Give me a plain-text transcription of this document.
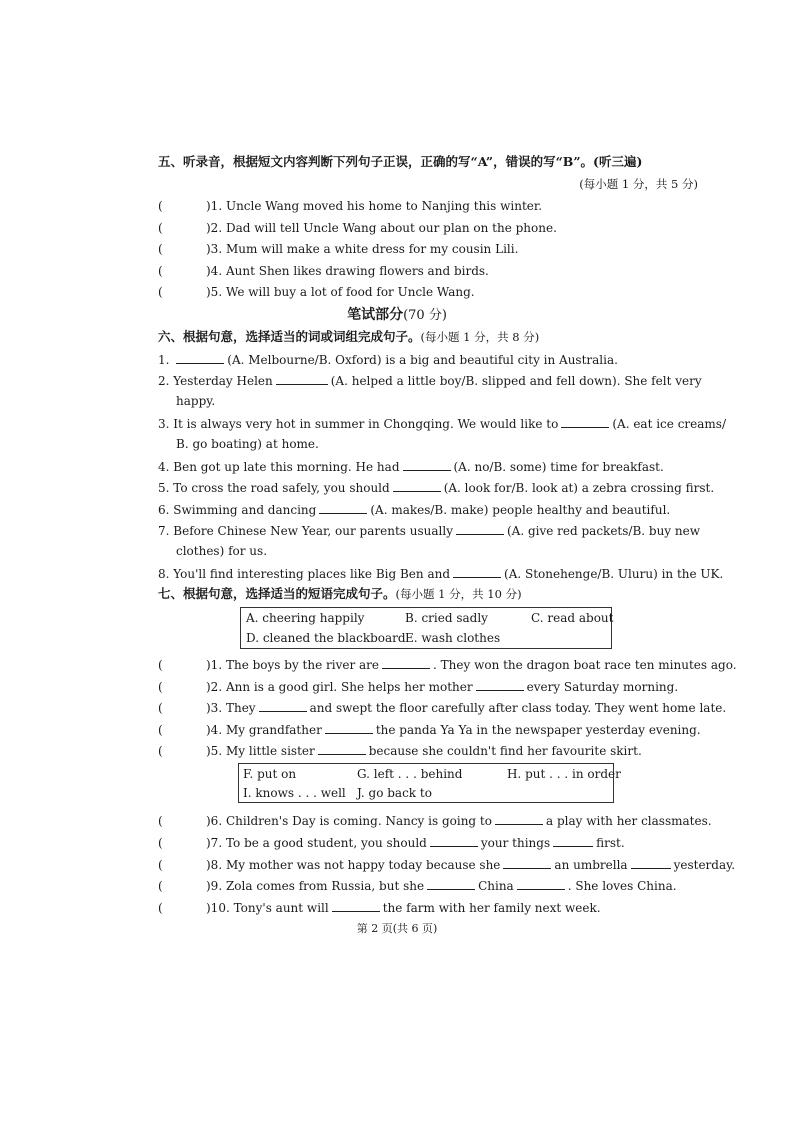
五、听录音，根据短文内容判断下列句子正误，正确的写“A”，错误的写“B”。(听三遍)
(每小题 1 分，共 5 分)
(	)1. Uncle Wang moved his home to Nanjing this winter.
(	)2. Dad will tell Uncle Wang about our plan on the phone.
(	)3. Mum will make a white dress for my cousin Lili.
(	)4. Aunt Shen likes drawing flowers and birds.
(	)5. We will buy a lot of food for Uncle Wang.
笔试部分(70 分)
六、根据句意，选择适当的词或词组完成句子。(每小题 1 分，共 8 分)
1.	(A. Melbourne/B. Oxford) is a big and beautiful city in Australia.
2. Yesterday Helen	(A. helped a little boy/B. slipped and fell down). She felt very
happy.
3. It is always very hot in summer in Chongqing. We would like to	(A. eat ice creams/
B. go boating) at home.
4. Ben got up late this morning. He had	(A. no/B. some) time for breakfast.
5. To cross the road safely, you should	(A. look for/B. look at) a zebra crossing first.
6. Swimming and dancing	(A. makes/B. make) people healthy and beautiful.
7. Before Chinese New Year, our parents usually	(A. give red packets/B. buy new
clothes) for us.
8. You'll find interesting places like Big Ben and	(A. Stonehenge/B. Uluru) in the UK.
七、根据句意，选择适当的短语完成句子。(每小题 1 分，共 10 分)
A. cheering happily	B. cried sadly	C. read about
D. cleaned the blackboard E. wash clothes
(	)1. The boys by the river are	. They won the dragon boat race ten minutes ago.
(	)2. Ann is a good girl. She helps her mother	every Saturday morning.
(	)3. They	and swept the floor carefully after class today. They went home late.
(	)4. My grandfather	the panda Ya Ya in the newspaper yesterday evening.
(	)5. My little sister	because she couldn't find her favourite skirt.
F. put on	G. left . . . behind	H. put . . . in order
I. knows . . . well J. go back to
(	)6. Children's Day is coming. Nancy is going to	a play with her classmates.
(	)7. To be a good student, you should	your things	first.
(	)8. My mother was not happy today because she	an umbrella	yesterday.
(	)9. Zola comes from Russia, but she	China	. She loves China.
(	)10. Tony's aunt will	the farm with her family next week.
第 2 页(共 6 页)
